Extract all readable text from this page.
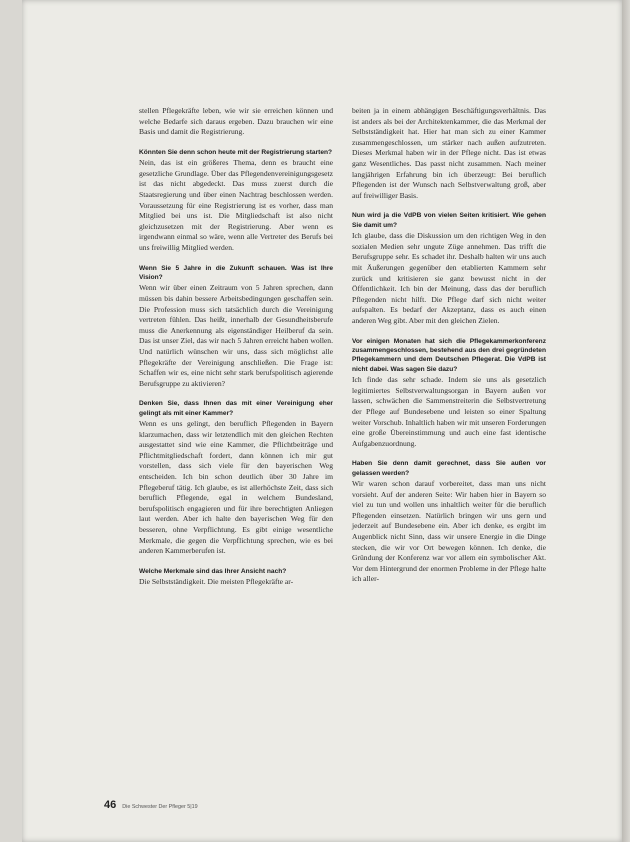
stellen Pflegekräfte leben, wie wir sie erreichen können und welche Bedarfe sich daraus ergeben. Dazu brauchen wir eine Basis und damit die Registrierung.

Könnten Sie denn schon heute mit der Registrierung starten?

Nein, das ist ein größeres Thema, denn es braucht eine gesetzliche Grundlage. Über das Pflegendenvereinigungsgesetz ist das nicht abgedeckt. Das muss zuerst durch die Staatsregierung und über einen Nachtrag beschlossen werden. Voraussetzung für eine Registrierung ist es vorher, dass man Mitglied bei uns ist. Die Mitgliedschaft ist also nicht gleichzusetzen mit der Registrierung. Aber wenn es irgendwann einmal so wäre, wenn alle Vertreter des Berufs bei uns freiwillig Mitglied werden.

Wenn Sie 5 Jahre in die Zukunft schauen. Was ist Ihre Vision?

Wenn wir über einen Zeitraum von 5 Jahren sprechen, dann müssen bis dahin bessere Arbeitsbedingungen geschaffen sein. Die Profession muss sich tatsächlich durch die Vereinigung vertreten fühlen. Das heißt, innerhalb der Gesundheitsberufe muss die Anerkennung als eigenständiger Heilberuf da sein. Das ist unser Ziel, das wir nach 5 Jahren erreicht haben wollen. Und natürlich wünschen wir uns, dass sich möglichst alle Pflegekräfte der Vereinigung anschließen. Die Frage ist: Schaffen wir es, eine nicht sehr stark berufspolitisch agierende Berufsgruppe zu aktivieren?

Denken Sie, dass Ihnen das mit einer Vereinigung eher gelingt als mit einer Kammer?

Wenn es uns gelingt, den beruflich Pflegenden in Bayern klarzumachen, dass wir letztendlich mit den gleichen Rechten ausgestattet sind wie eine Kammer, die Pflichtbeiträge und Pflichtmitgliedschaft fordert, dann können ich mir gut vorstellen, dass sich viele für den bayerischen Weg entscheiden. Ich bin schon deutlich über 30 Jahre im Pflegeberuf tätig. Ich glaube, es ist allerhöchste Zeit, dass sich beruflich Pflegende, egal in welchem Bundesland, berufspolitisch engagieren und für ihre berechtigten Anliegen laut werden. Aber ich halte den bayerischen Weg für den besseren, ohne Verpflichtung. Es gibt einige wesentliche Merkmale, die gegen die Verpflichtung sprechen, wie es bei anderen Kammerberufen ist.

Welche Merkmale sind das Ihrer Ansicht nach?

Die Selbstständigkeit. Die meisten Pflegekräfte ar-

beiten ja in einem abhängigen Beschäftigungsverhältnis. Das ist anders als bei der Architektenkammer, die das Merkmal der Selbstständigkeit hat. Hier hat man sich zu einer Kammer zusammengeschlossen, um stärker nach außen aufzutreten. Dieses Merkmal haben wir in der Pflege nicht. Das ist etwas ganz Wesentliches. Das passt nicht zusammen. Nach meiner langjährigen Erfahrung bin ich überzeugt: Bei beruflich Pflegenden ist der Wunsch nach Selbstverwaltung groß, aber auf freiwilliger Basis.

Nun wird ja die VdPB von vielen Seiten kritisiert. Wie gehen Sie damit um?

Ich glaube, dass die Diskussion um den richtigen Weg in den sozialen Medien sehr ungute Züge annehmen. Das trifft die Berufsgruppe sehr. Es schadet ihr. Deshalb halten wir uns auch mit Äußerungen gegenüber den etablierten Kammern sehr zurück und kritisieren sie ganz bewusst nicht in der Öffentlichkeit. Ich bin der Meinung, dass das der beruflich Pflegenden nicht hilft. Die Pflege darf sich nicht weiter aufspalten. Es bedarf der Akzeptanz, dass es auch einen anderen Weg gibt. Aber mit den gleichen Zielen.

Vor einigen Monaten hat sich die Pflegekammerkonferenz zusammengeschlossen, bestehend aus den drei gegründeten Pflegekammern und dem Deutschen Pflegerat. Die VdPB ist nicht dabei. Was sagen Sie dazu?

Ich finde das sehr schade. Indem sie uns als gesetzlich legitimiertes Selbstverwaltungsorgan in Bayern außen vor lassen, schwächen die Sammenstreiterin die Selbstvertretung der Pflege auf Bundesebene und leisten so einer Spaltung weiter Vorschub. Inhaltlich haben wir mit unseren Forderungen eine große Übereinstimmung und auch eine fast identische Aufgabenzuordnung.

Haben Sie denn damit gerechnet, dass Sie außen vor gelassen werden?

Wir waren schon darauf vorbereitet, dass man uns nicht vorsieht. Auf der anderen Seite: Wir haben hier in Bayern so viel zu tun und wollen uns inhaltlich weiter für die beruflich Pflegenden einsetzen. Natürlich bringen wir uns gern und jederzeit auf Bundesebene ein. Aber ich denke, es ergibt im Augenblick nicht Sinn, dass wir unsere Energie in die Dinge stecken, die wir vor Ort bewegen können. Ich denke, die Gründung der Konferenz war vor allem ein symbolischer Akt. Vor dem Hintergrund der enormen Probleme in der Pflege halte ich aller-

46 Die Schwester Der Pfleger 5|19
